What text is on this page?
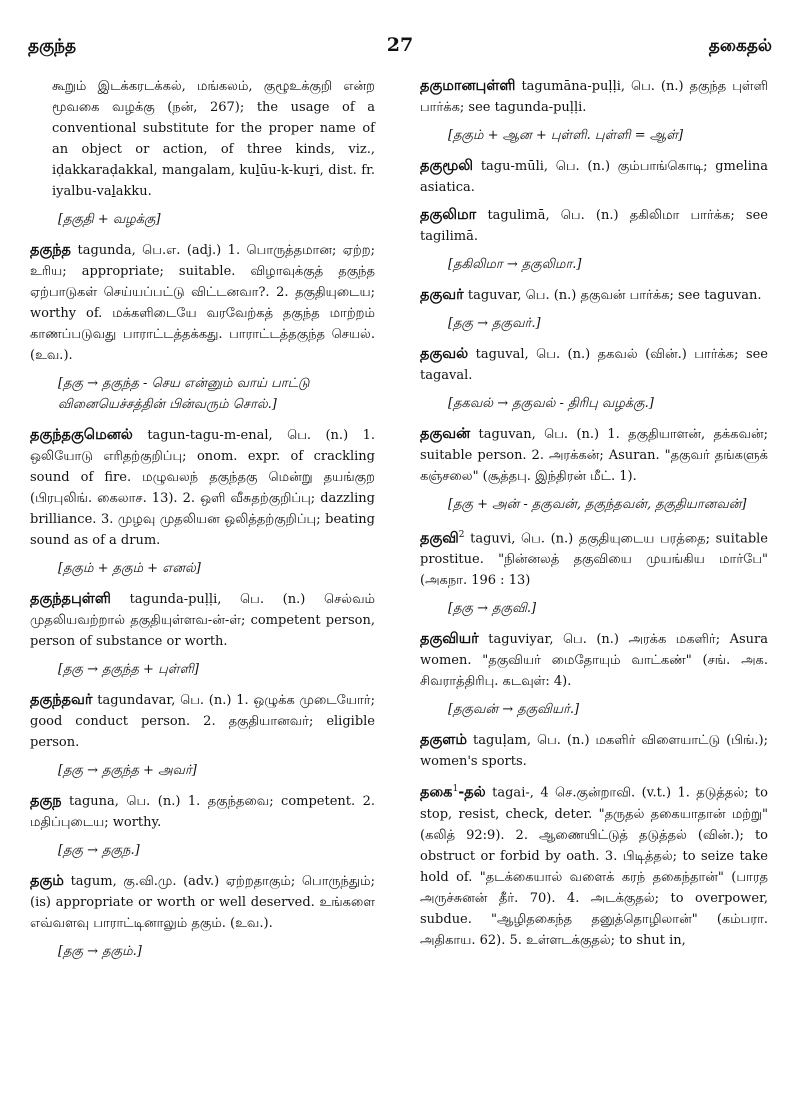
தகுந்த	27	தகைதல்
கூறும் இடக்கரடக்கல், மங்கலம், குழூஉக்குறி என்ற மூவகை வழக்கு (நன், 267); the usage of a conventional substitute for the proper name of an object or action, of three kinds, viz., iḍakkaraḍakkal, mangalam, kuḻūu-k-kuṟi, dist. fr. iyalbu-vaḻakku.
[தகுதி + வழக்கு]
தகுந்த tagunda, பெ.எ. (adj.) 1. பொருத்தமான; ஏற்ற; உரிய; appropriate; suitable. விழாவுக்குத் தகுந்த ஏற்பாடுகள் செய்யப்பட்டு விட்டனவா?. 2. தகுதியுடைய; worthy of. மக்களிடையே வரவேற்கத் தகுந்த மாற்றம் காணப்படுவது பாராட்டத்தக்கது. பாராட்டத்தகுந்த செயல். (உவ.).
[தகு → தகுந்த - செய என்னும் வாய் பாட்டு வினையெச்சத்தின் பின்வரும் சொல்.]
தகுந்தகுமெனல் tagun-tagu-m-enal, பெ. (n.) 1. ஒலியோடு எரிதற்குறிப்பு; onom. expr. of crackling sound of fire. மழுவலந் தகுந்தகு மென்று தயங்குற (பிரபுலிங். கைலாச. 13). 2. ஒளி வீசுதற்குறிப்பு; dazzling brilliance. 3. முழவு முதலியன ஒலித்தற்குறிப்பு; beating sound as of a drum.
[தகும் + தகும் + எனல்]
தகுந்தபுள்ளி tagunda-puḷḷi, பெ. (n.) செல்வம் முதலியவற்றால் தகுதியுள்ளவ-ன்-ள்; competent person, person of substance or worth.
[தகு → தகுந்த + புள்ளி]
தகுந்தவர் tagundavar, பெ. (n.) 1. ஒழுக்க முடையோர்; good conduct person. 2. தகுதியானவர்; eligible person.
[தகு → தகுந்த + அவர்]
தகுந taguna, பெ. (n.) 1. தகுந்தவை; competent. 2. மதிப்புடைய; worthy.
[தகு → தகுந.]
தகும் tagum, கு.வி.மு. (adv.) ஏற்றதாகும்; பொருந்தும்; (is) appropriate or worth or well deserved. உங்களை எவ்வளவு பாராட்டினாலும் தகும். (உவ.).
[தகு → தகும்.]
தகுமானபுள்ளி tagumāna-puḷḷi, பெ. (n.) தகுந்த புள்ளி பார்க்க; see tagunda-puḷḷi.
[தகும் + ஆன + புள்ளி. புள்ளி = ஆள்]
தகுமூலி tagu-mūli, பெ. (n.) கும்பாங்கொடி; gmelina asiatica.
தகுலிமா tagulimā, பெ. (n.) தகிலிமா பார்க்க; see tagilimā.
[தகிலிமா → தகுலிமா.]
தகுவர் taguvar, பெ. (n.) தகுவன் பார்க்க; see taguvan.
[தகு → தகுவர்.]
தகுவல் taguval, பெ. (n.) தகவல் (வின்.) பார்க்க; see tagaval.
[தகவல் → தகுவல் - திரிபு வழக்கு.]
தகுவன் taguvan, பெ. (n.) 1. தகுதியாளன், தக்கவன்; suitable person. 2. அரக்கன்; Asuran. "தகுவர் தங்களுக் கஞ்சலை" (சூத்தபு. இந்திரன் மீட். 1).
[தகு + அன் - தகுவன், தகுந்தவன், தகுதியானவன்]
தகுவி$^2$ taguvi, பெ. (n.) தகுதியுடைய பரத்தை; suitable prostitue. "நின்னலத் தகுவியை முயங்கிய மார்பே" (அகநா. 196 : 13)
[தகு → தகுவி.]
தகுவியர் taguviyar, பெ. (n.) அரக்க மகளிர்; Asura women. "தகுவியர் மைதோயும் வாட்கண்" (சங். அக. சிவராத்திரிபு. கடவுள்: 4).
[தகுவன் → தகுவியர்.]
தகுளம் taguḷam, பெ. (n.) மகளிர் விளையாட்டு (பிங்.); women's sports.
தகை$^1$-தல் tagai-, 4 செ.குன்றாவி. (v.t.) 1. தடுத்தல்; to stop, resist, check, deter. "தருதல் தகையாதான் மற்று" (கலித் 92:9). 2. ஆணையிட்டுத் தடுத்தல் (வின்.); to obstruct or forbid by oath. 3. பிடித்தல்; to seize take hold of. "தடக்கையால் வளைக் கரந் தகைந்தான்" (பாரத அருச்சுனன் தீர். 70). 4. அடக்குதல்; to overpower, subdue. "ஆழிதகைந்த தனுத்தொழிலான்" (கம்பரா. அதிகாய. 62). 5. உள்ளடக்குதல்; to shut in,
